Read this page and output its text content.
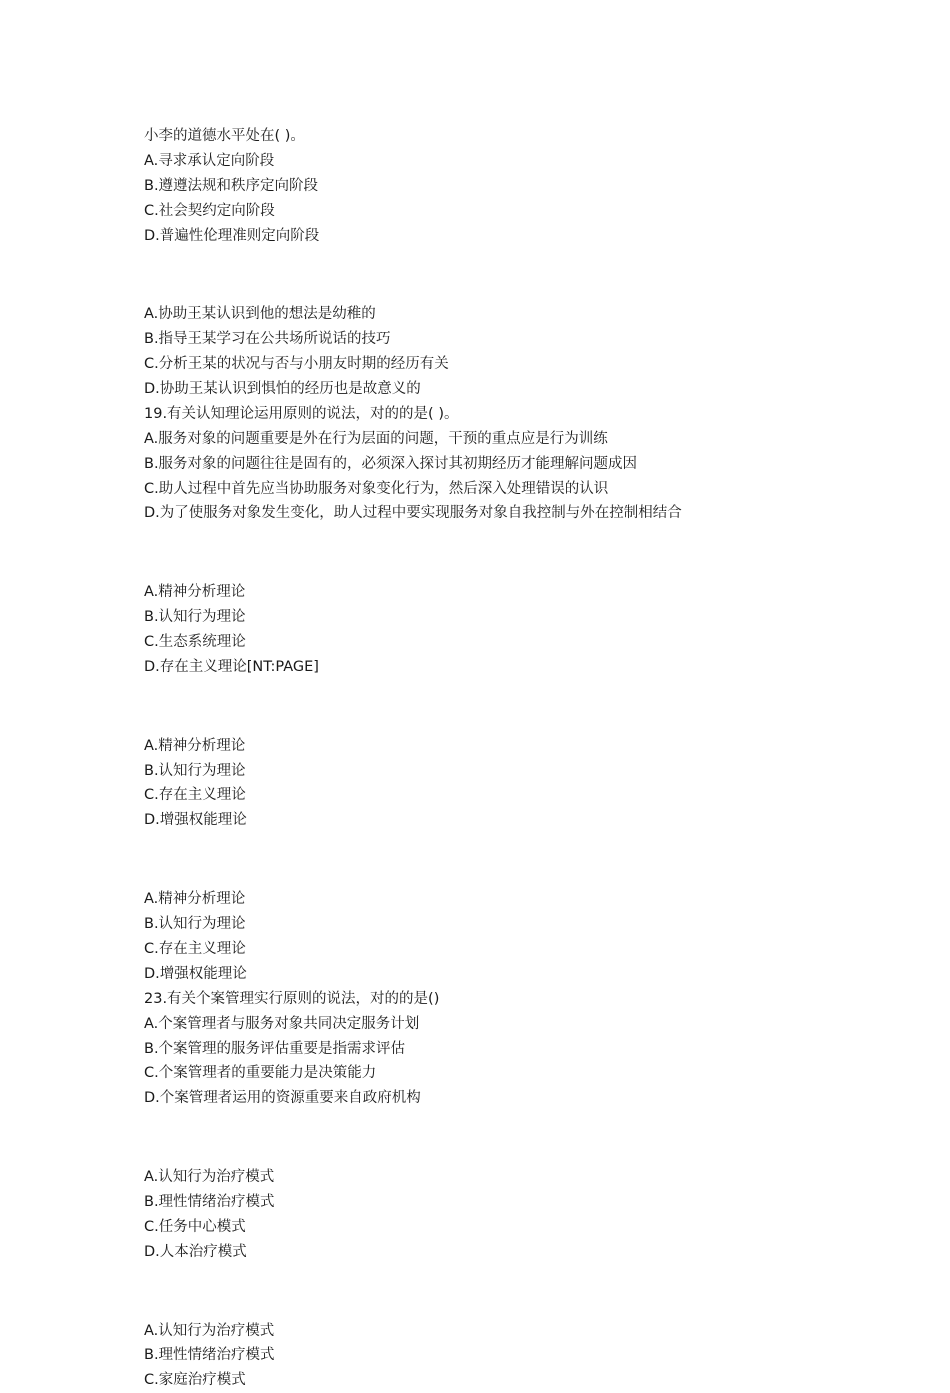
小李的道德水平处在( )。

A.寻求承认定向阶段

B.遵遵法规和秩序定向阶段

C.社会契约定向阶段

D.普遍性伦理准则定向阶段

A.协助王某认识到他的想法是幼稚的

B.指导王某学习在公共场所说话的技巧

C.分析王某的状况与否与小朋友时期的经历有关

D.协助王某认识到惧怕的经历也是故意义的

19.有关认知理论运用原则的说法，对的的是( )。

A.服务对象的问题重要是外在行为层面的问题，干预的重点应是行为训练

B.服务对象的问题往往是固有的，必须深入探讨其初期经历才能理解问题成因

C.助人过程中首先应当协助服务对象变化行为，然后深入处理错误的认识

D.为了使服务对象发生变化，助人过程中要实现服务对象自我控制与外在控制相结合

A.精神分析理论

B.认知行为理论

C.生态系统理论

D.存在主义理论[NT:PAGE]

A.精神分析理论

B.认知行为理论

C.存在主义理论

D.增强权能理论

A.精神分析理论

B.认知行为理论

C.存在主义理论

D.增强权能理论

23.有关个案管理实行原则的说法，对的的是()

A.个案管理者与服务对象共同决定服务计划

B.个案管理的服务评估重要是指需求评估

C.个案管理者的重要能力是决策能力

D.个案管理者运用的资源重要来自政府机构

A.认知行为治疗模式

B.理性情绪治疗模式

C.任务中心模式

D.人本治疗模式

A.认知行为治疗模式

B.理性情绪治疗模式

C.家庭治疗模式
